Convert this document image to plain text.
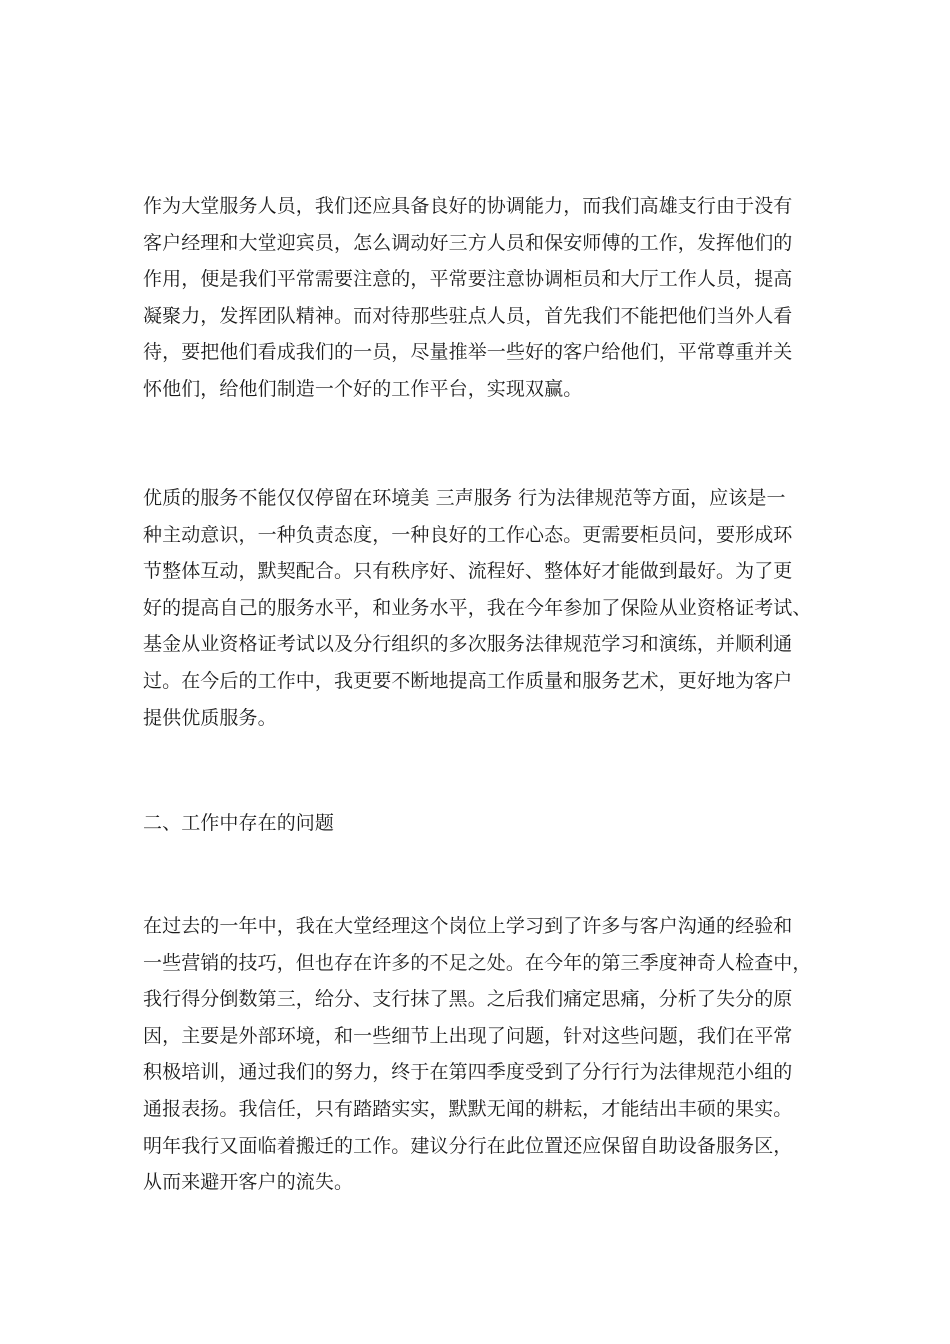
作为大堂服务人员，我们还应具备良好的协调能力，而我们高雄支行由于没有
客户经理和大堂迎宾员，怎么调动好三方人员和保安师傅的工作，发挥他们的
作用，便是我们平常需要注意的，平常要注意协调柜员和大厅工作人员，提高
凝聚力，发挥团队精神。而对待那些驻点人员，首先我们不能把他们当外人看
待，要把他们看成我们的一员，尽量推举一些好的客户给他们，平常尊重并关
怀他们，给他们制造一个好的工作平台，实现双赢。

优质的服务不能仅仅停留在环境美 三声服务 行为法律规范等方面，应该是一
种主动意识，一种负责态度，一种良好的工作心态。更需要柜员问，要形成环
节整体互动，默契配合。只有秩序好、流程好、整体好才能做到最好。为了更
好的提高自己的服务水平，和业务水平，我在今年参加了保险从业资格证考试、
基金从业资格证考试以及分行组织的多次服务法律规范学习和演练，并顺利通
过。在今后的工作中，我更要不断地提高工作质量和服务艺术，更好地为客户
提供优质服务。

二、工作中存在的问题

在过去的一年中，我在大堂经理这个岗位上学习到了许多与客户沟通的经验和
一些营销的技巧，但也存在许多的不足之处。在今年的第三季度神奇人检查中，
我行得分倒数第三，给分、支行抹了黑。之后我们痛定思痛，分析了失分的原
因，主要是外部环境，和一些细节上出现了问题，针对这些问题，我们在平常
积极培训，通过我们的努力，终于在第四季度受到了分行行为法律规范小组的
通报表扬。我信任，只有踏踏实实，默默无闻的耕耘，才能结出丰硕的果实。
明年我行又面临着搬迁的工作。建议分行在此位置还应保留自助设备服务区，
从而来避开客户的流失。
